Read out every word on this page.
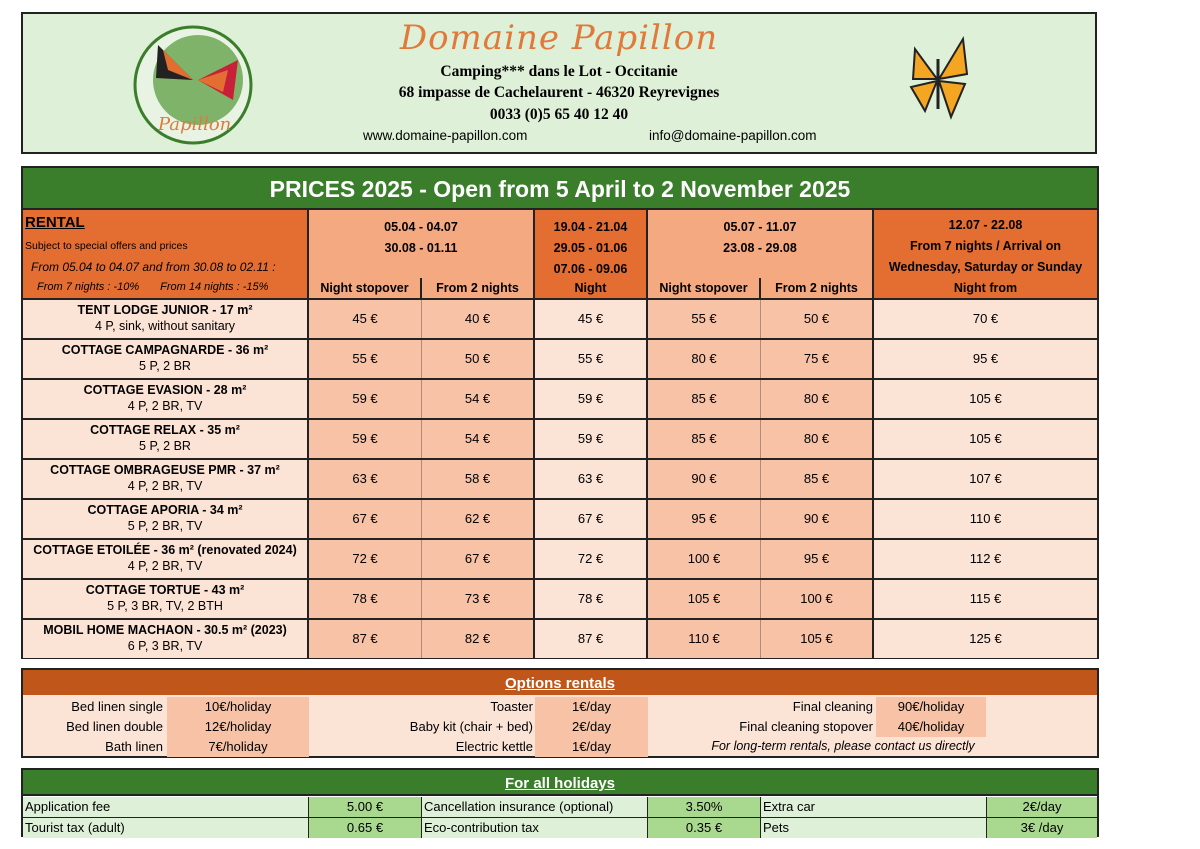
Papillon
Domaine Papillon
Camping*** dans le Lot - Occitanie
68 impasse de Cachelaurent - 46320 Reyrevignes
0033 (0)5 65 40 12 40
www.domaine-papillon.com	info@domaine-papillon.com
PRICES 2025 - Open from 5 April to 2 November 2025
RENTAL
Subject to special offers and prices
From 05.04 to 04.07 and from 30.08 to 02.11 :
From 7 nights : -10% From 14 nights : -15%
05.04 - 04.07
30.08 - 01.11
19.04 - 21.04
29.05 - 01.06
07.06 - 09.06
05.07 - 11.07
23.08 - 29.08
12.07 - 22.08
From 7 nights / Arrival on
Wednesday, Saturday or Sunday
Night stopover	From 2 nights	Night	Night stopover	From 2 nights	Night from
TENT LODGE JUNIOR - 17 m²
4 P, sink, without sanitary	45 €	40 €	45 €	55 €	50 €	70 €
COTTAGE CAMPAGNARDE - 36 m²
5 P, 2 BR	55 €	50 €	55 €	80 €	75 €	95 €
COTTAGE EVASION - 28 m²
4 P, 2 BR, TV	59 €	54 €	59 €	85 €	80 €	105 €
COTTAGE RELAX - 35 m²
5 P, 2 BR	59 €	54 €	59 €	85 €	80 €	105 €
COTTAGE OMBRAGEUSE PMR - 37 m²
4 P, 2 BR, TV	63 €	58 €	63 €	90 €	85 €	107 €
COTTAGE APORIA - 34 m²
5 P, 2 BR, TV	67 €	62 €	67 €	95 €	90 €	110 €
COTTAGE ETOILÉE - 36 m² (renovated 2024)
4 P, 2 BR, TV	72 €	67 €	72 €	100 €	95 €	112 €
COTTAGE TORTUE - 43 m²
5 P, 3 BR, TV, 2 BTH	78 €	73 €	78 €	105 €	100 €	115 €
MOBIL HOME MACHAON - 30.5 m² (2023)
6 P, 3 BR, TV	87 €	82 €	87 €	110 €	105 €	125 €
Options rentals
Bed linen single	10€/holiday
Bed linen double	12€/holiday
Bath linen	7€/holiday
Toaster	1€/day
Baby kit (chair + bed)	2€/day
Electric kettle	1€/day
Final cleaning	90€/holiday
Final cleaning stopover	40€/holiday
For long-term rentals, please contact us directly
For all holidays
Application fee	5.00 €	Cancellation insurance (optional)	3.50%	Extra car	2€/day
Tourist tax (adult)	0.65 €	Eco-contribution tax	0.35 €	Pets	3€ /day
